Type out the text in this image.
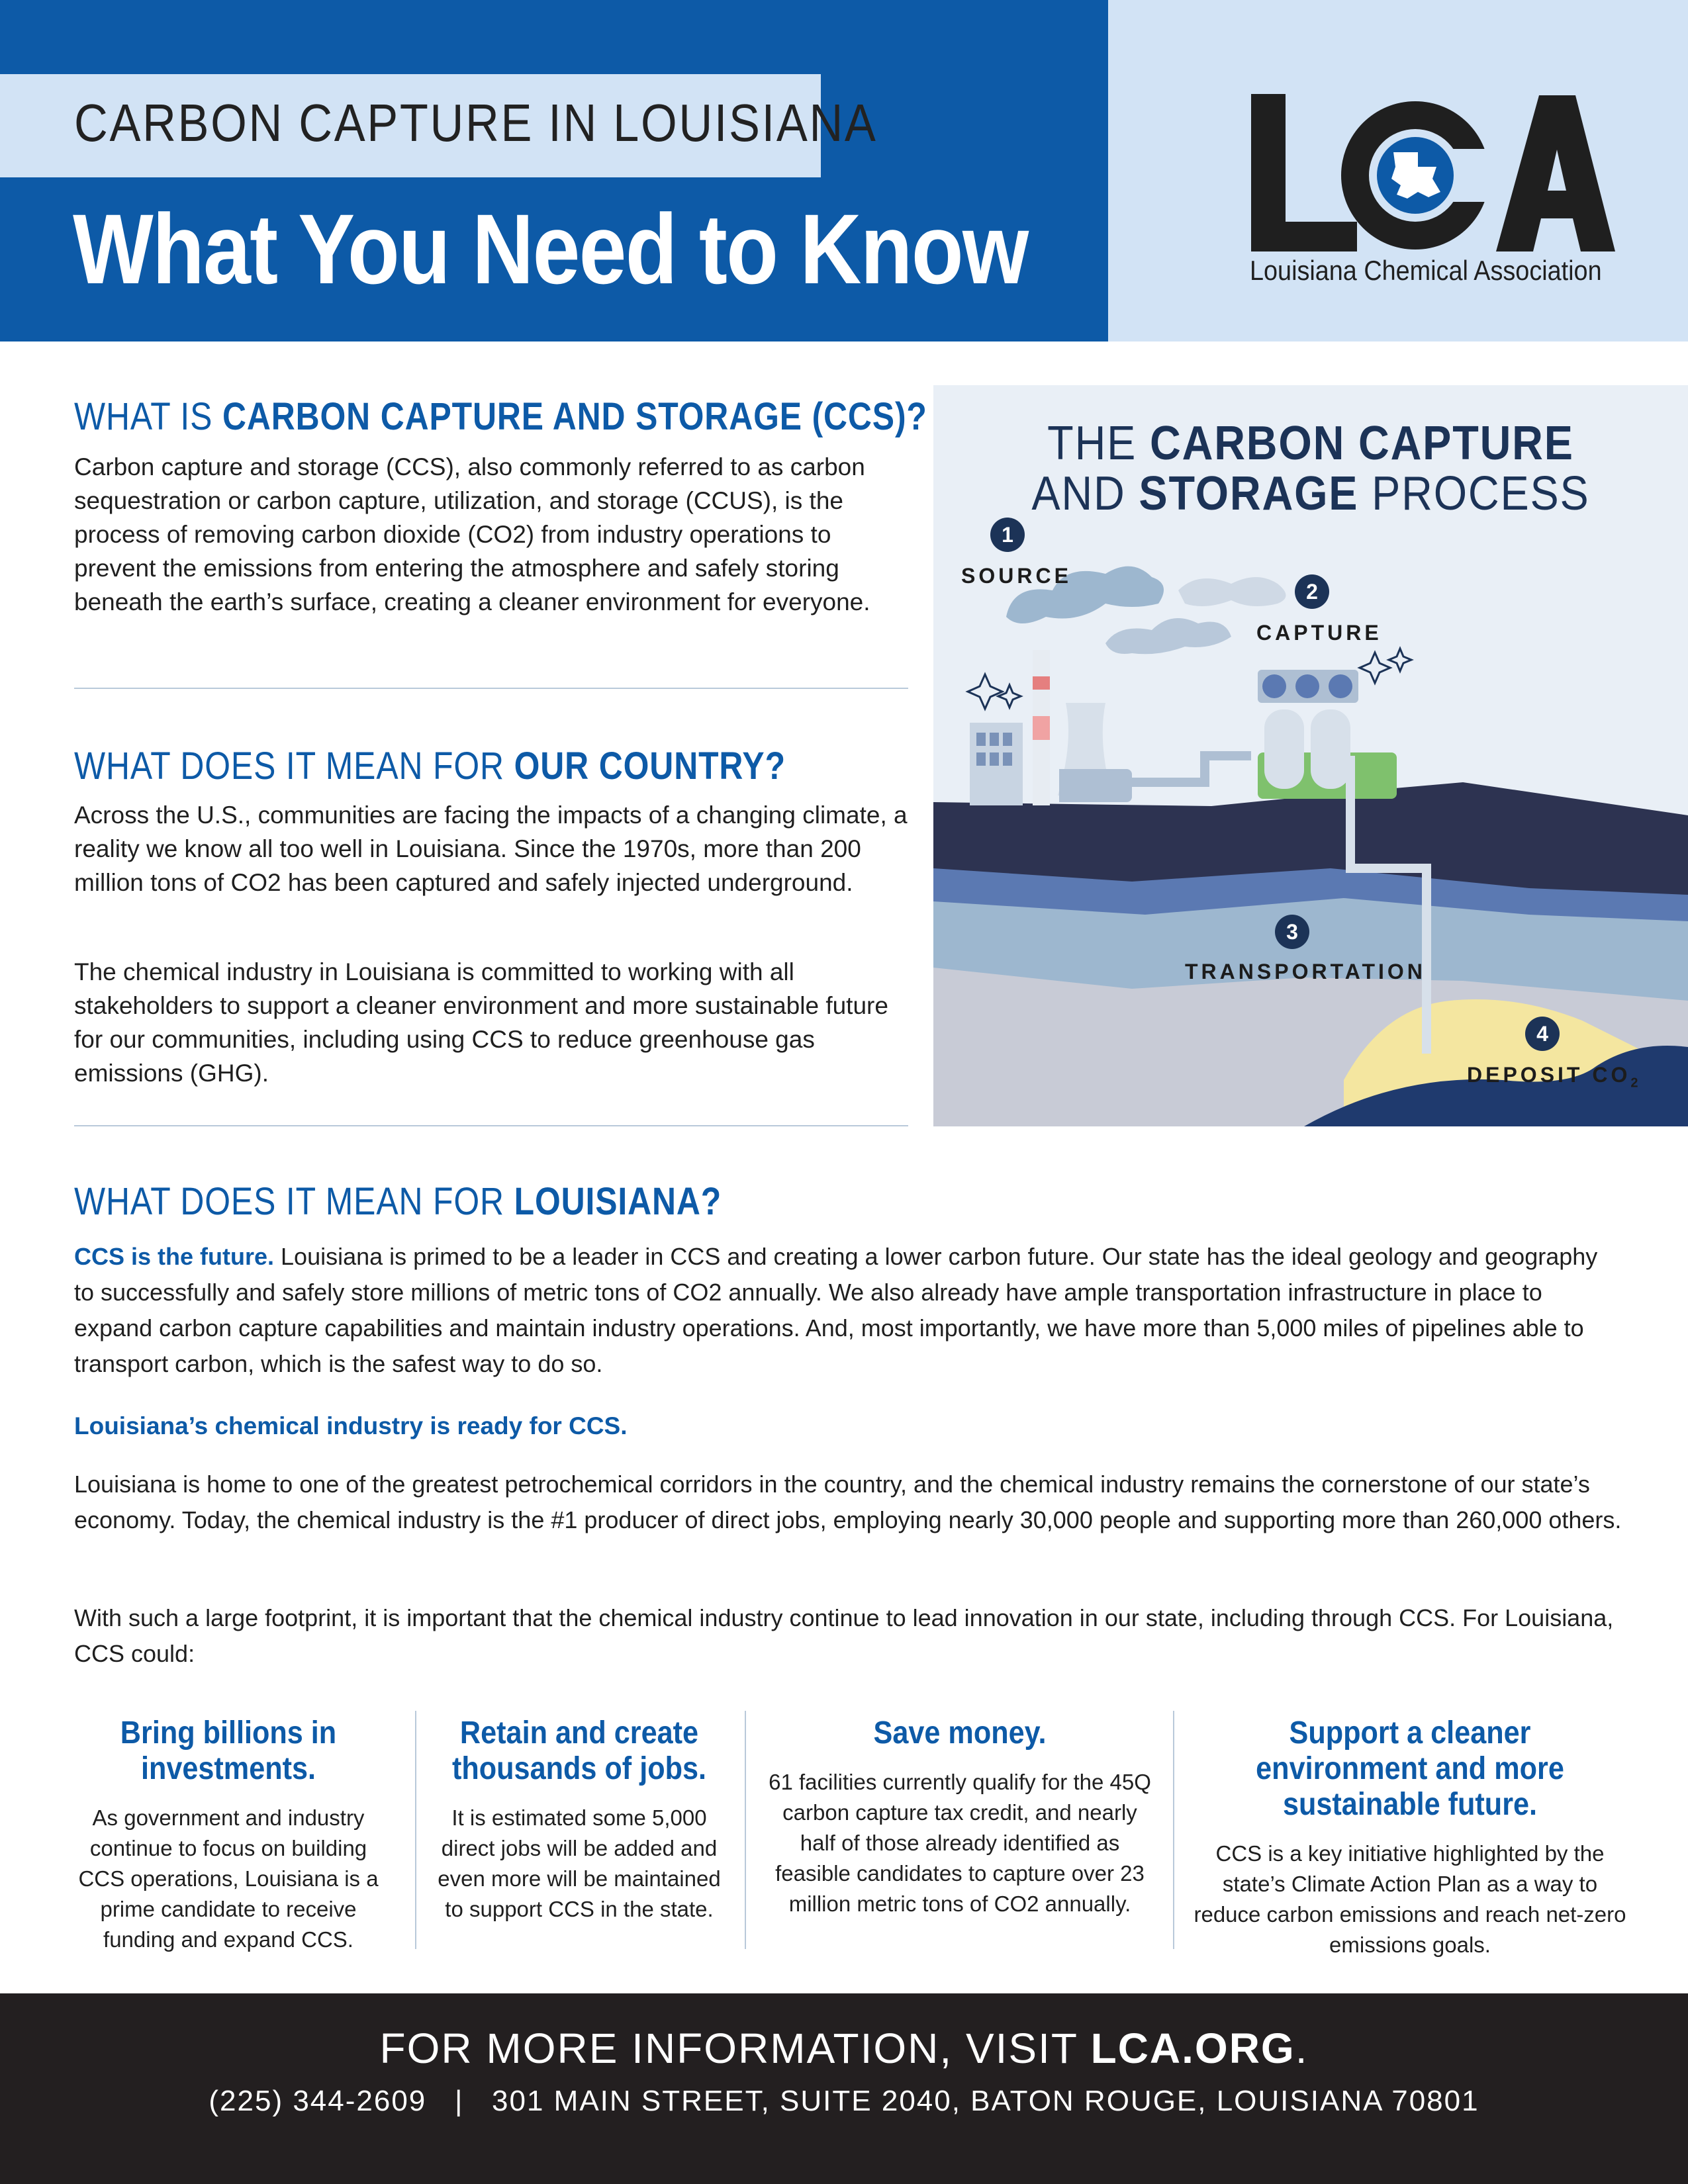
CARBON CAPTURE IN LOUISIANA
What You Need to Know	Louisiana Chemical Association
WHAT IS CARBON CAPTURE AND STORAGE (CCS)?
Carbon capture and storage (CCS), also commonly referred to as carbon sequestration or carbon capture, utilization, and storage (CCUS), is the process of removing carbon dioxide (CO2) from industry operations to prevent the emissions from entering the atmosphere and safely storing beneath the earth’s surface, creating a cleaner environment for everyone.
WHAT DOES IT MEAN FOR OUR COUNTRY?
Across the U.S., communities are facing the impacts of a changing climate, a reality we know all too well in Louisiana. Since the 1970s, more than 200 million tons of CO2 has been captured and safely injected underground.
The chemical industry in Louisiana is committed to working with all stakeholders to support a cleaner environment and more sustainable future for our communities, including using CCS to reduce greenhouse gas emissions (GHG).
THE CARBON CAPTURE
AND STORAGE PROCESS
1
SOURCE
2
CAPTURE
3
TRANSPORTATION
4
DEPOSIT $CO_2$
WHAT DOES IT MEAN FOR LOUISIANA?
CCS is the future. Louisiana is primed to be a leader in CCS and creating a lower carbon future. Our state has the ideal geology and geography to successfully and safely store millions of metric tons of CO2 annually. We also already have ample transportation infrastructure in place to expand carbon capture capabilities and maintain industry operations. And, most importantly, we have more than 5,000 miles of pipelines able to transport carbon, which is the safest way to do so.
Louisiana’s chemical industry is ready for CCS.
Louisiana is home to one of the greatest petrochemical corridors in the country, and the chemical industry remains the cornerstone of our state’s economy. Today, the chemical industry is the #1 producer of direct jobs, employing nearly 30,000 people and supporting more than 260,000 others.
With such a large footprint, it is important that the chemical industry continue to lead innovation in our state, including through CCS. For Louisiana, CCS could:
Bring billions in investments.
As government and industry continue to focus on building CCS operations, Louisiana is a prime candidate to receive funding and expand CCS.
Retain and create thousands of jobs.
It is estimated some 5,000 direct jobs will be added and even more will be maintained to support CCS in the state.
Save money.
61 facilities currently qualify for the 45Q carbon capture tax credit, and nearly half of those already identified as feasible candidates to capture over 23 million metric tons of CO2 annually.
Support a cleaner environment and more sustainable future.
CCS is a key initiative highlighted by the state’s Climate Action Plan as a way to reduce carbon emissions and reach net-zero emissions goals.
FOR MORE INFORMATION, VISIT LCA.ORG.
(225) 344-2609   |   301 MAIN STREET, SUITE 2040, BATON ROUGE, LOUISIANA 70801
